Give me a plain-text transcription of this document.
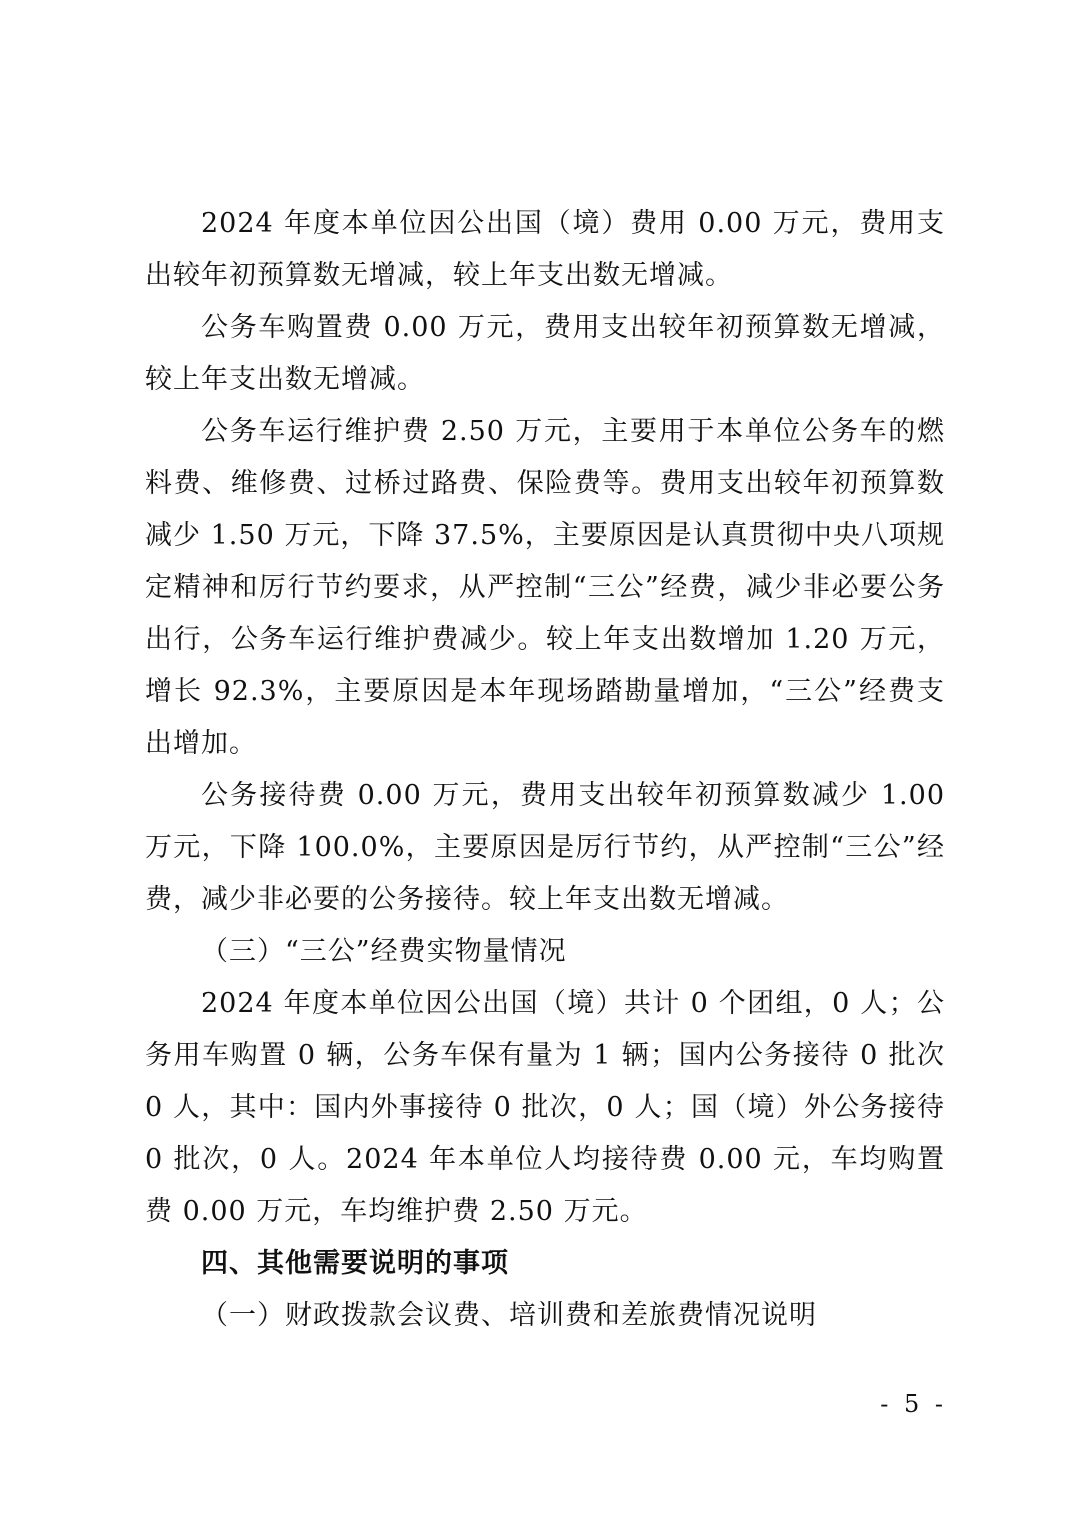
2024 年度本单位因公出国（境）费用 0.00 万元，费用支出较年初预算数无增减，较上年支出数无增减。

公务车购置费 0.00 万元，费用支出较年初预算数无增减，较上年支出数无增减。

公务车运行维护费 2.50 万元，主要用于本单位公务车的燃料费、维修费、过桥过路费、保险费等。费用支出较年初预算数减少 1.50 万元，下降 37.5%，主要原因是认真贯彻中央八项规定精神和厉行节约要求，从严控制“三公”经费，减少非必要公务出行，公务车运行维护费减少。较上年支出数增加 1.20 万元，增长 92.3%，主要原因是本年现场踏勘量增加，“三公”经费支出增加。

公务接待费 0.00 万元，费用支出较年初预算数减少 1.00 万元，下降 100.0%，主要原因是厉行节约，从严控制“三公”经费，减少非必要的公务接待。较上年支出数无增减。

（三）“三公”经费实物量情况

2024 年度本单位因公出国（境）共计 0 个团组，0 人；公务用车购置 0 辆，公务车保有量为 1 辆；国内公务接待 0 批次 0 人，其中：国内外事接待 0 批次，0 人；国（境）外公务接待 0 批次，0 人。2024 年本单位人均接待费 0.00 元，车均购置费 0.00 万元，车均维护费 2.50 万元。

四、其他需要说明的事项

（一）财政拨款会议费、培训费和差旅费情况说明

- 5 -
